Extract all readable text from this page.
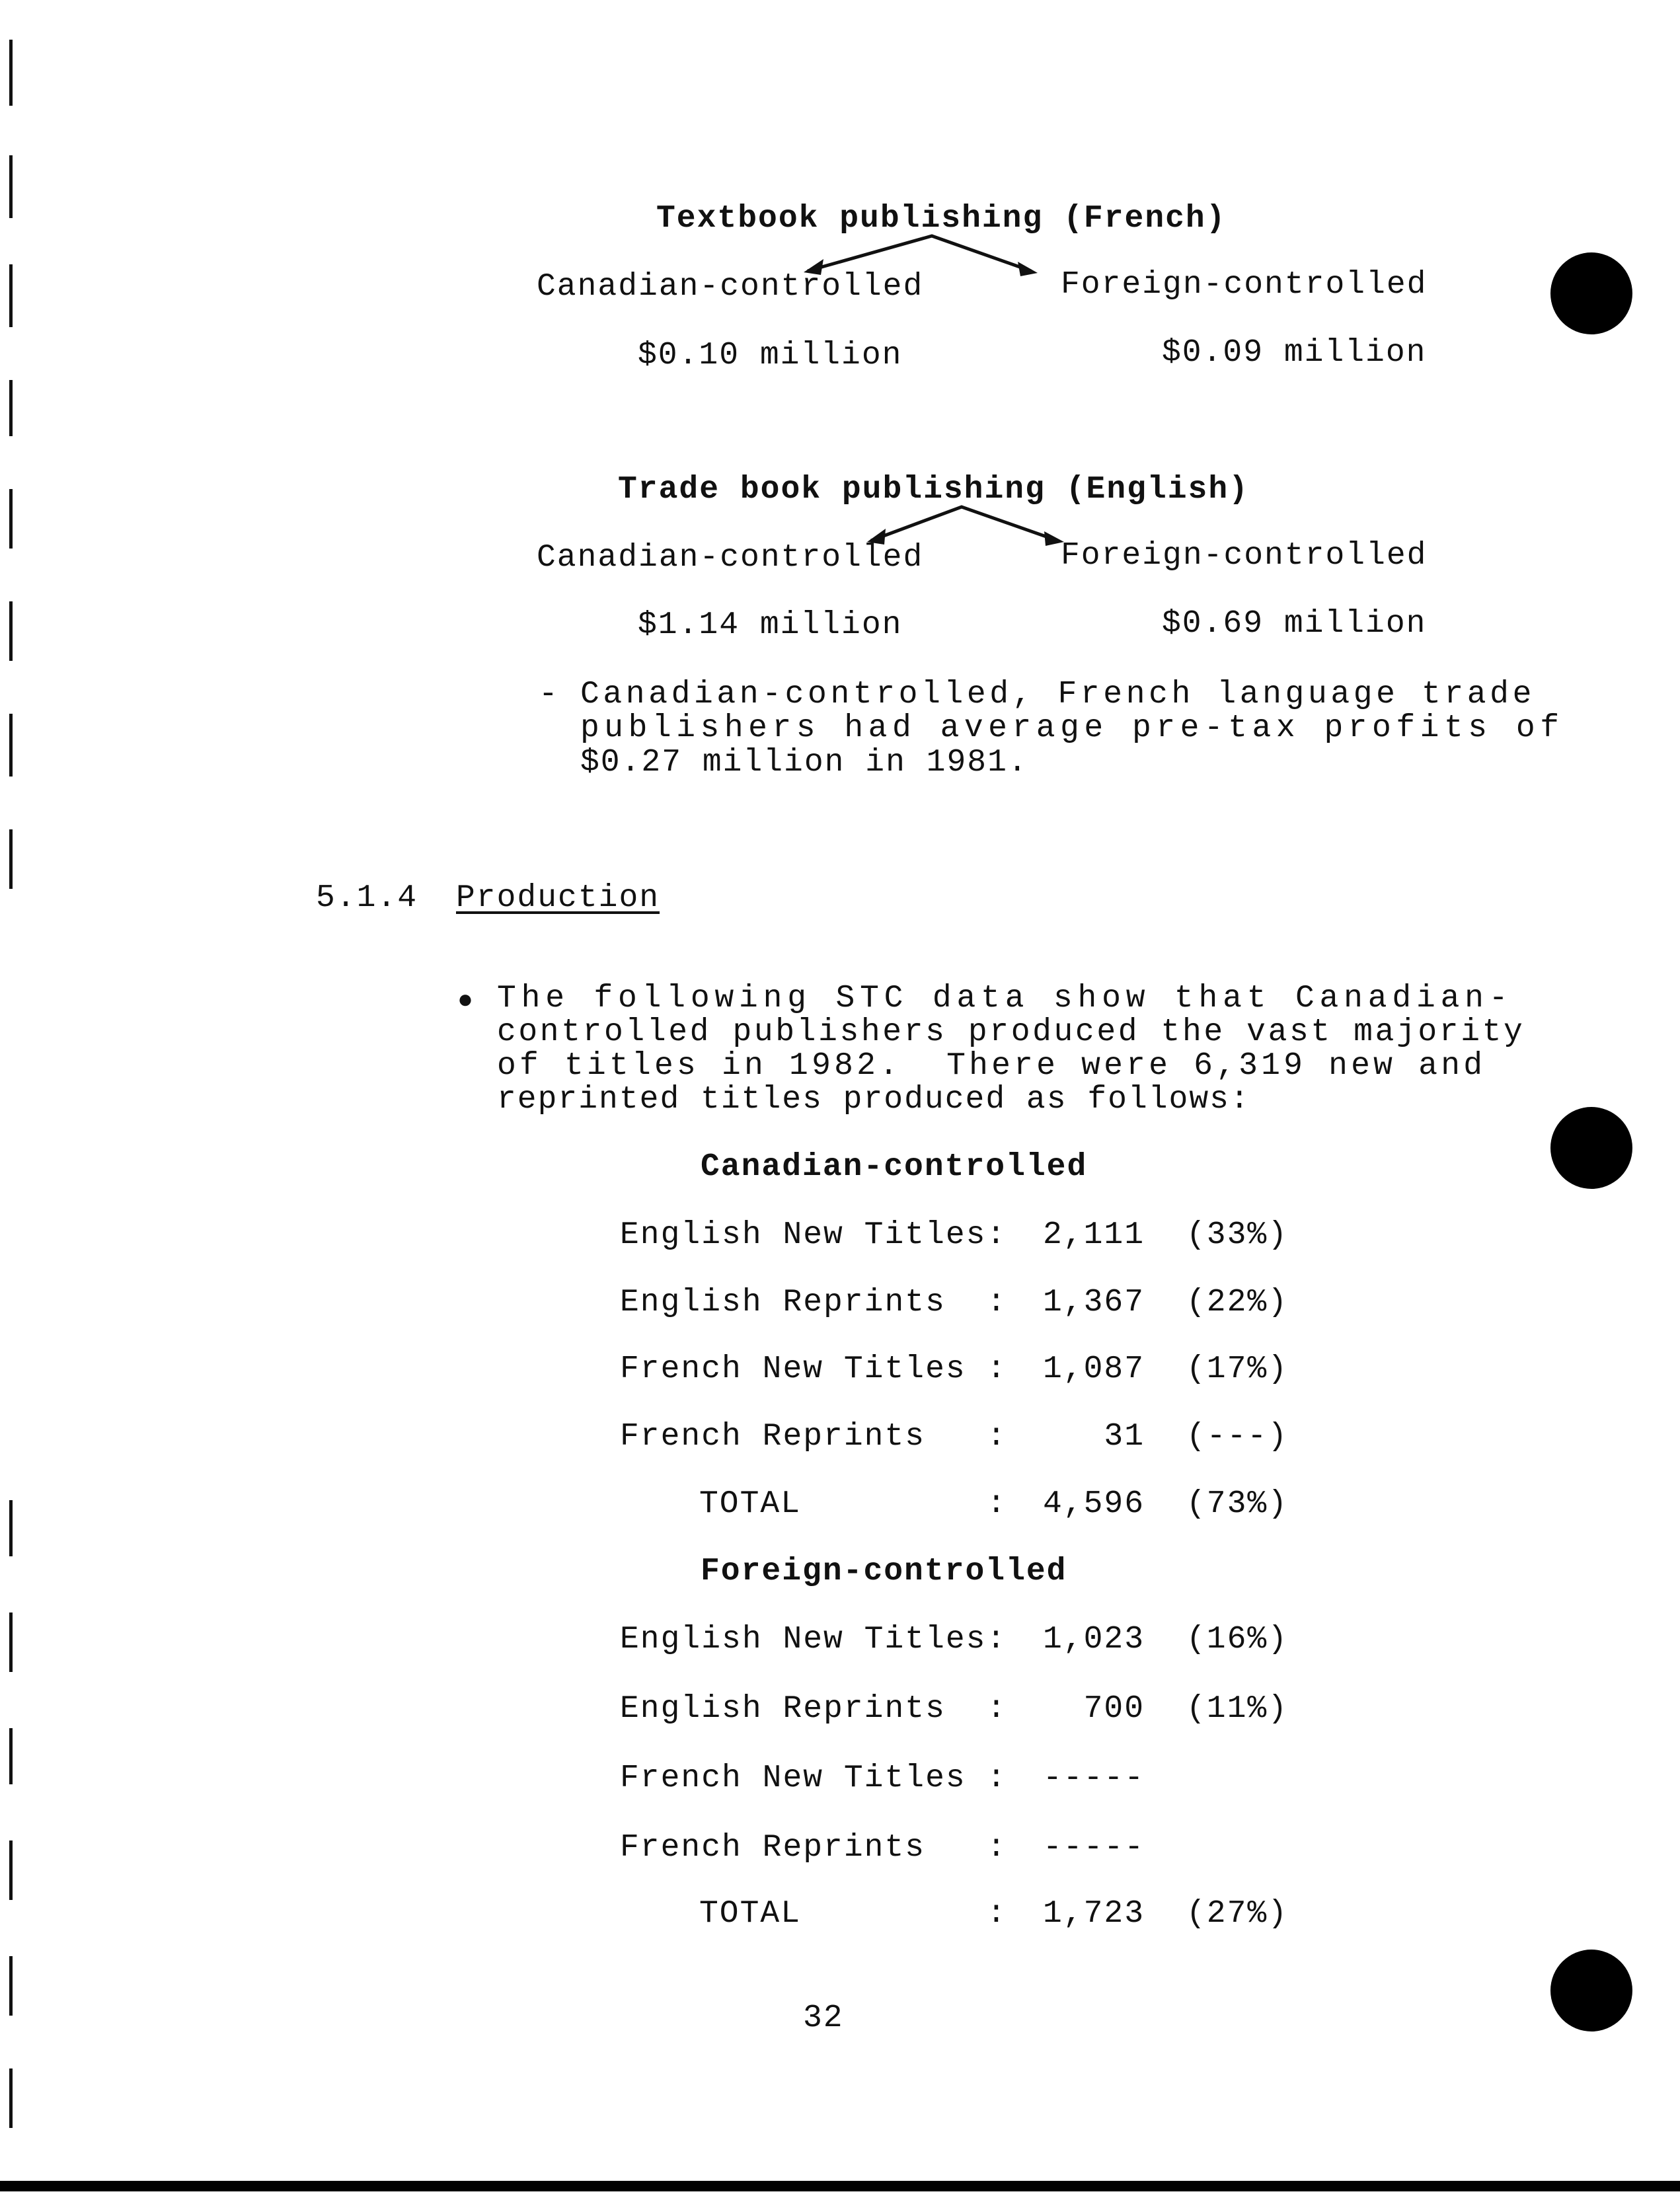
Textbook publishing (French)
Canadian-controlled	Foreign-controlled
$0.10 million	$0.09 million
Trade book publishing (English)
Canadian-controlled	Foreign-controlled
$1.14 million	$0.69 million
- Canadian-controlled, French language trade
publishers had average pre-tax profits of
$0.27 million in 1981.
5.1.4 Production
● The following STC data show that Canadian-
controlled publishers produced the vast majority
of titles in 1982.  There were 6,319 new and
reprinted titles produced as follows:
Canadian-controlled
English New Titles:	2,111 (33%)
English Reprints :	1,367 (22%)
French New Titles :	1,087 (17%)
French Reprints :	31 (---)
TOTAL	:	4,596 (73%)
Foreign-controlled
English New Titles:	1,023 (16%)
English Reprints :	700 (11%)
French New Titles :	-----
French Reprints :	-----
TOTAL	:	1,723 (27%)
32
